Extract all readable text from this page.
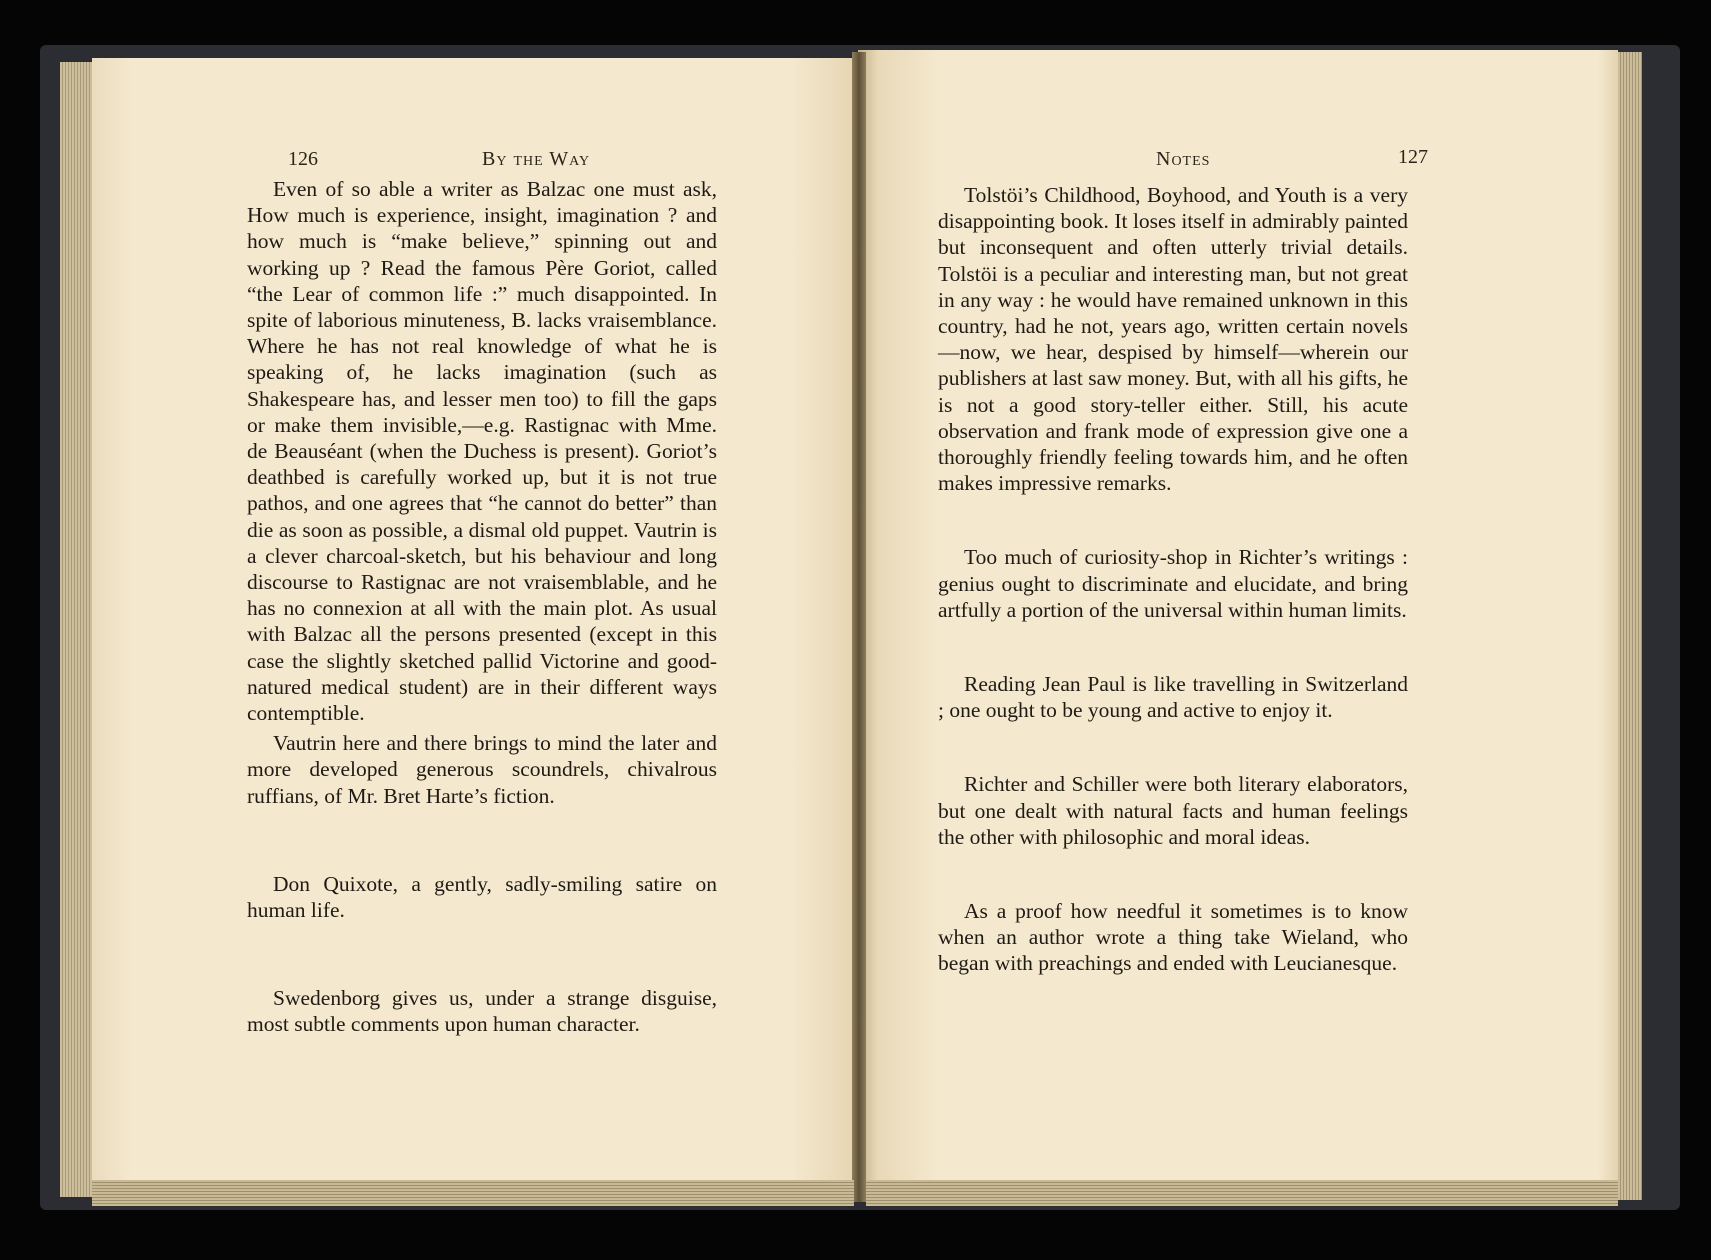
126	By the Way

Even of so able a writer as Balzac one must ask, How much is experience, insight, imagination ? and how much is “make believe,” spinning out and working up ? Read the famous Père Goriot, called “the Lear of common life :” much disappointed. In spite of laborious minuteness, B. lacks vraisemblance. Where he has not real knowledge of what he is speaking of, he lacks imagination (such as Shakespeare has, and lesser men too) to fill the gaps or make them invisible,—e.g. Rastignac with Mme. de Beauséant (when the Duchess is present). Goriot’s deathbed is carefully worked up, but it is not true pathos, and one agrees that “he cannot do better” than die as soon as possible, a dismal old puppet. Vautrin is a clever charcoal-sketch, but his behaviour and long discourse to Rastignac are not vraisemblable, and he has no connexion at all with the main plot. As usual with Balzac all the persons presented (except in this case the slightly sketched pallid Victorine and good-natured medical student) are in their different ways contemptible.

Vautrin here and there brings to mind the later and more developed generous scoundrels, chivalrous ruffians, of Mr. Bret Harte’s fiction.

Don Quixote, a gently, sadly-smiling satire on human life.

Swedenborg gives us, under a strange disguise, most subtle comments upon human character.

Notes	127

Tolstöi’s Childhood, Boyhood, and Youth is a very disappointing book. It loses itself in admirably painted but inconsequent and often utterly trivial details. Tolstöi is a peculiar and interesting man, but not great in any way : he would have remained unknown in this country, had he not, years ago, written certain novels—now, we hear, despised by himself—wherein our publishers at last saw money. But, with all his gifts, he is not a good story-teller either. Still, his acute observation and frank mode of expression give one a thoroughly friendly feeling towards him, and he often makes impressive remarks.

Too much of curiosity-shop in Richter’s writings : genius ought to discriminate and elucidate, and bring artfully a portion of the universal within human limits.

Reading Jean Paul is like travelling in Switzerland ; one ought to be young and active to enjoy it.

Richter and Schiller were both literary elaborators, but one dealt with natural facts and human feelings the other with philosophic and moral ideas.

As a proof how needful it sometimes is to know when an author wrote a thing take Wieland, who began with preachings and ended with Leucianesque.
